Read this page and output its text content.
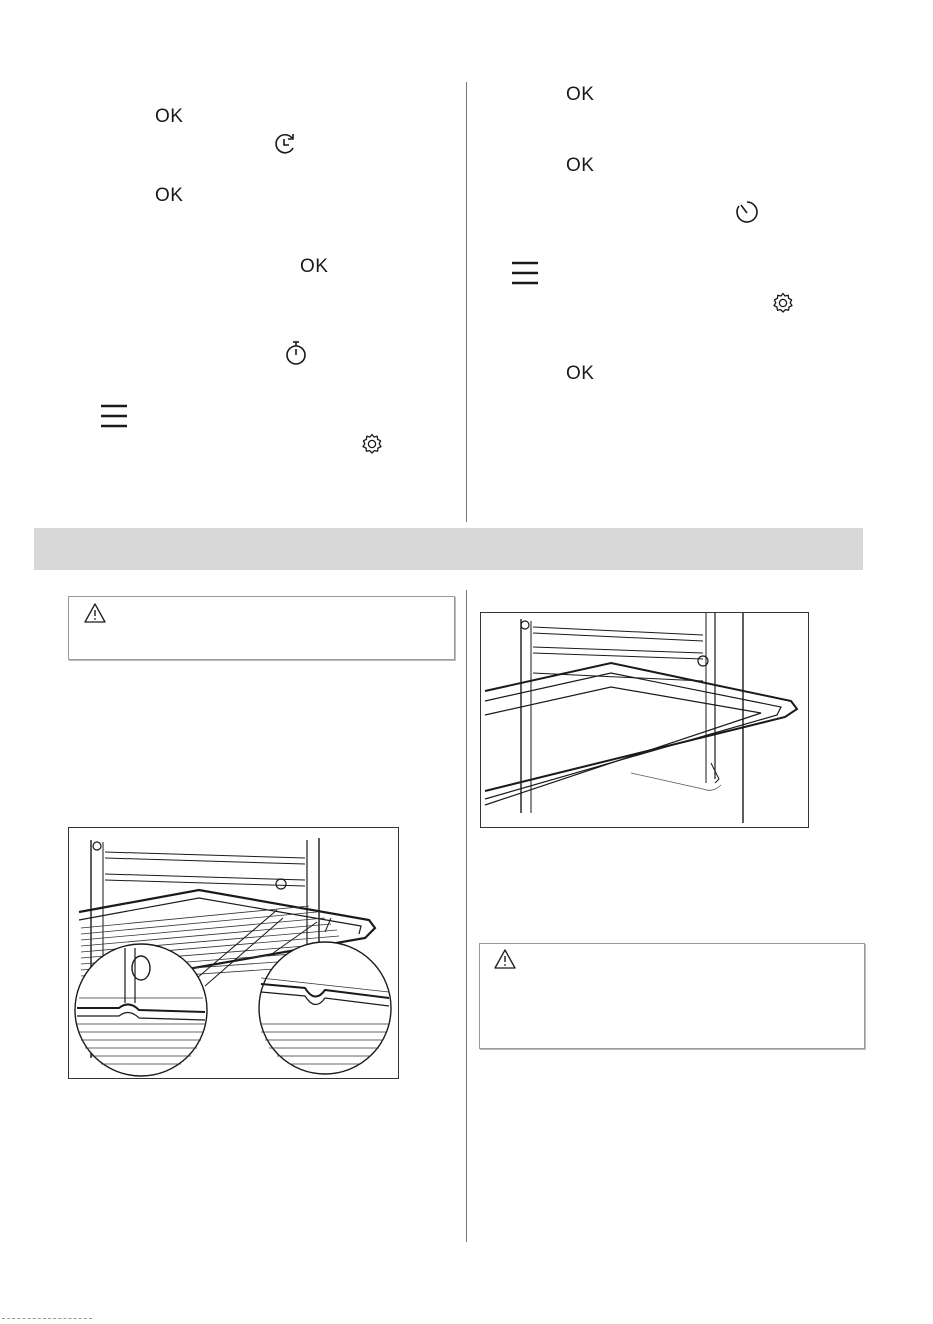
OK
OK
OK
OK
OK
OK
